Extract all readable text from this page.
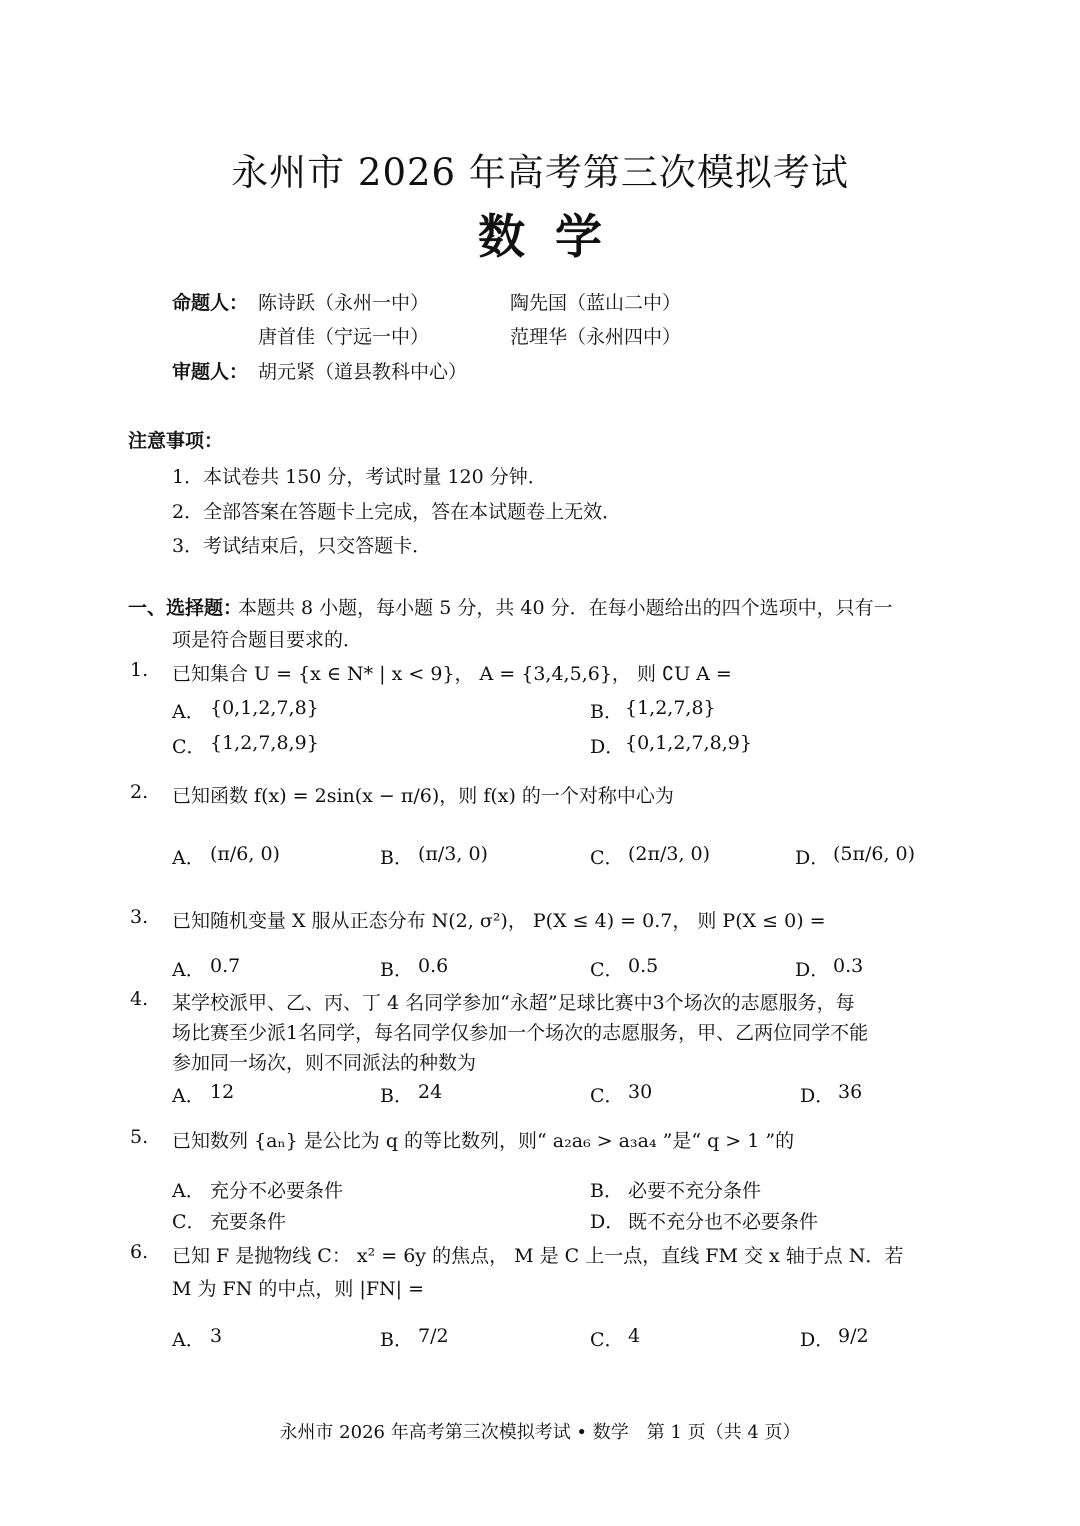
永州市 2026 年高考第三次模拟考试
数学
命题人： 陈诗跃（永州一中）	陶先国（蓝山二中）
唐首佳（宁远一中）	范理华（永州四中）
审题人： 胡元紧（道县教科中心）
注意事项：
1．本试卷共 150 分，考试时量 120 分钟．
2．全部答案在答题卡上完成，答在本试题卷上无效．
3．考试结束后，只交答题卡．
一、选择题：
本题共 8 小题，每小题 5 分，共 40 分．在每小题给出的四个选项中，只有一
项是符合题目要求的．
1. 已知集合 U = {x ∈ N* | x < 9}， A = {3,4,5,6}， 则 ∁U A =
A． {0,1,2,7,8}	B． {1,2,7,8}
C． {1,2,7,8,9}	D． {0,1,2,7,8,9}
2. 已知函数 f(x) = 2sin(x − π/6)，则 f(x) 的一个对称中心为
A． (π/6, 0)	B． (π/3, 0)	C． (2π/3, 0)	D． (5π/6, 0)
3. 已知随机变量 X 服从正态分布 N(2, σ²)， P(X ≤ 4) = 0.7， 则 P(X ≤ 0) =
A． 0.7	B． 0.6	C． 0.5	D． 0.3
4. 某学校派甲、乙、丙、丁 4 名同学参加“永超”足球比赛中3个场次的志愿服务，每
场比赛至少派1名同学，每名同学仅参加一个场次的志愿服务，甲、乙两位同学不能
参加同一场次，则不同派法的种数为
A． 12	B． 24	C． 30	D． 36
5. 已知数列 {aₙ} 是公比为 q 的等比数列，则“ a₂a₆ > a₃a₄ ”是“ q > 1 ”的
A． 充分不必要条件	B． 必要不充分条件
C． 充要条件	D． 既不充分也不必要条件
6. 已知 F 是抛物线 C： x² = 6y 的焦点， M 是 C 上一点，直线 FM 交 x 轴于点 N．若
M 为 FN 的中点，则 |FN| =
A． 3	B． 7/2	C． 4	D． 9/2
永州市 2026 年高考第三次模拟考试 • 数学　第 1 页（共 4 页）
